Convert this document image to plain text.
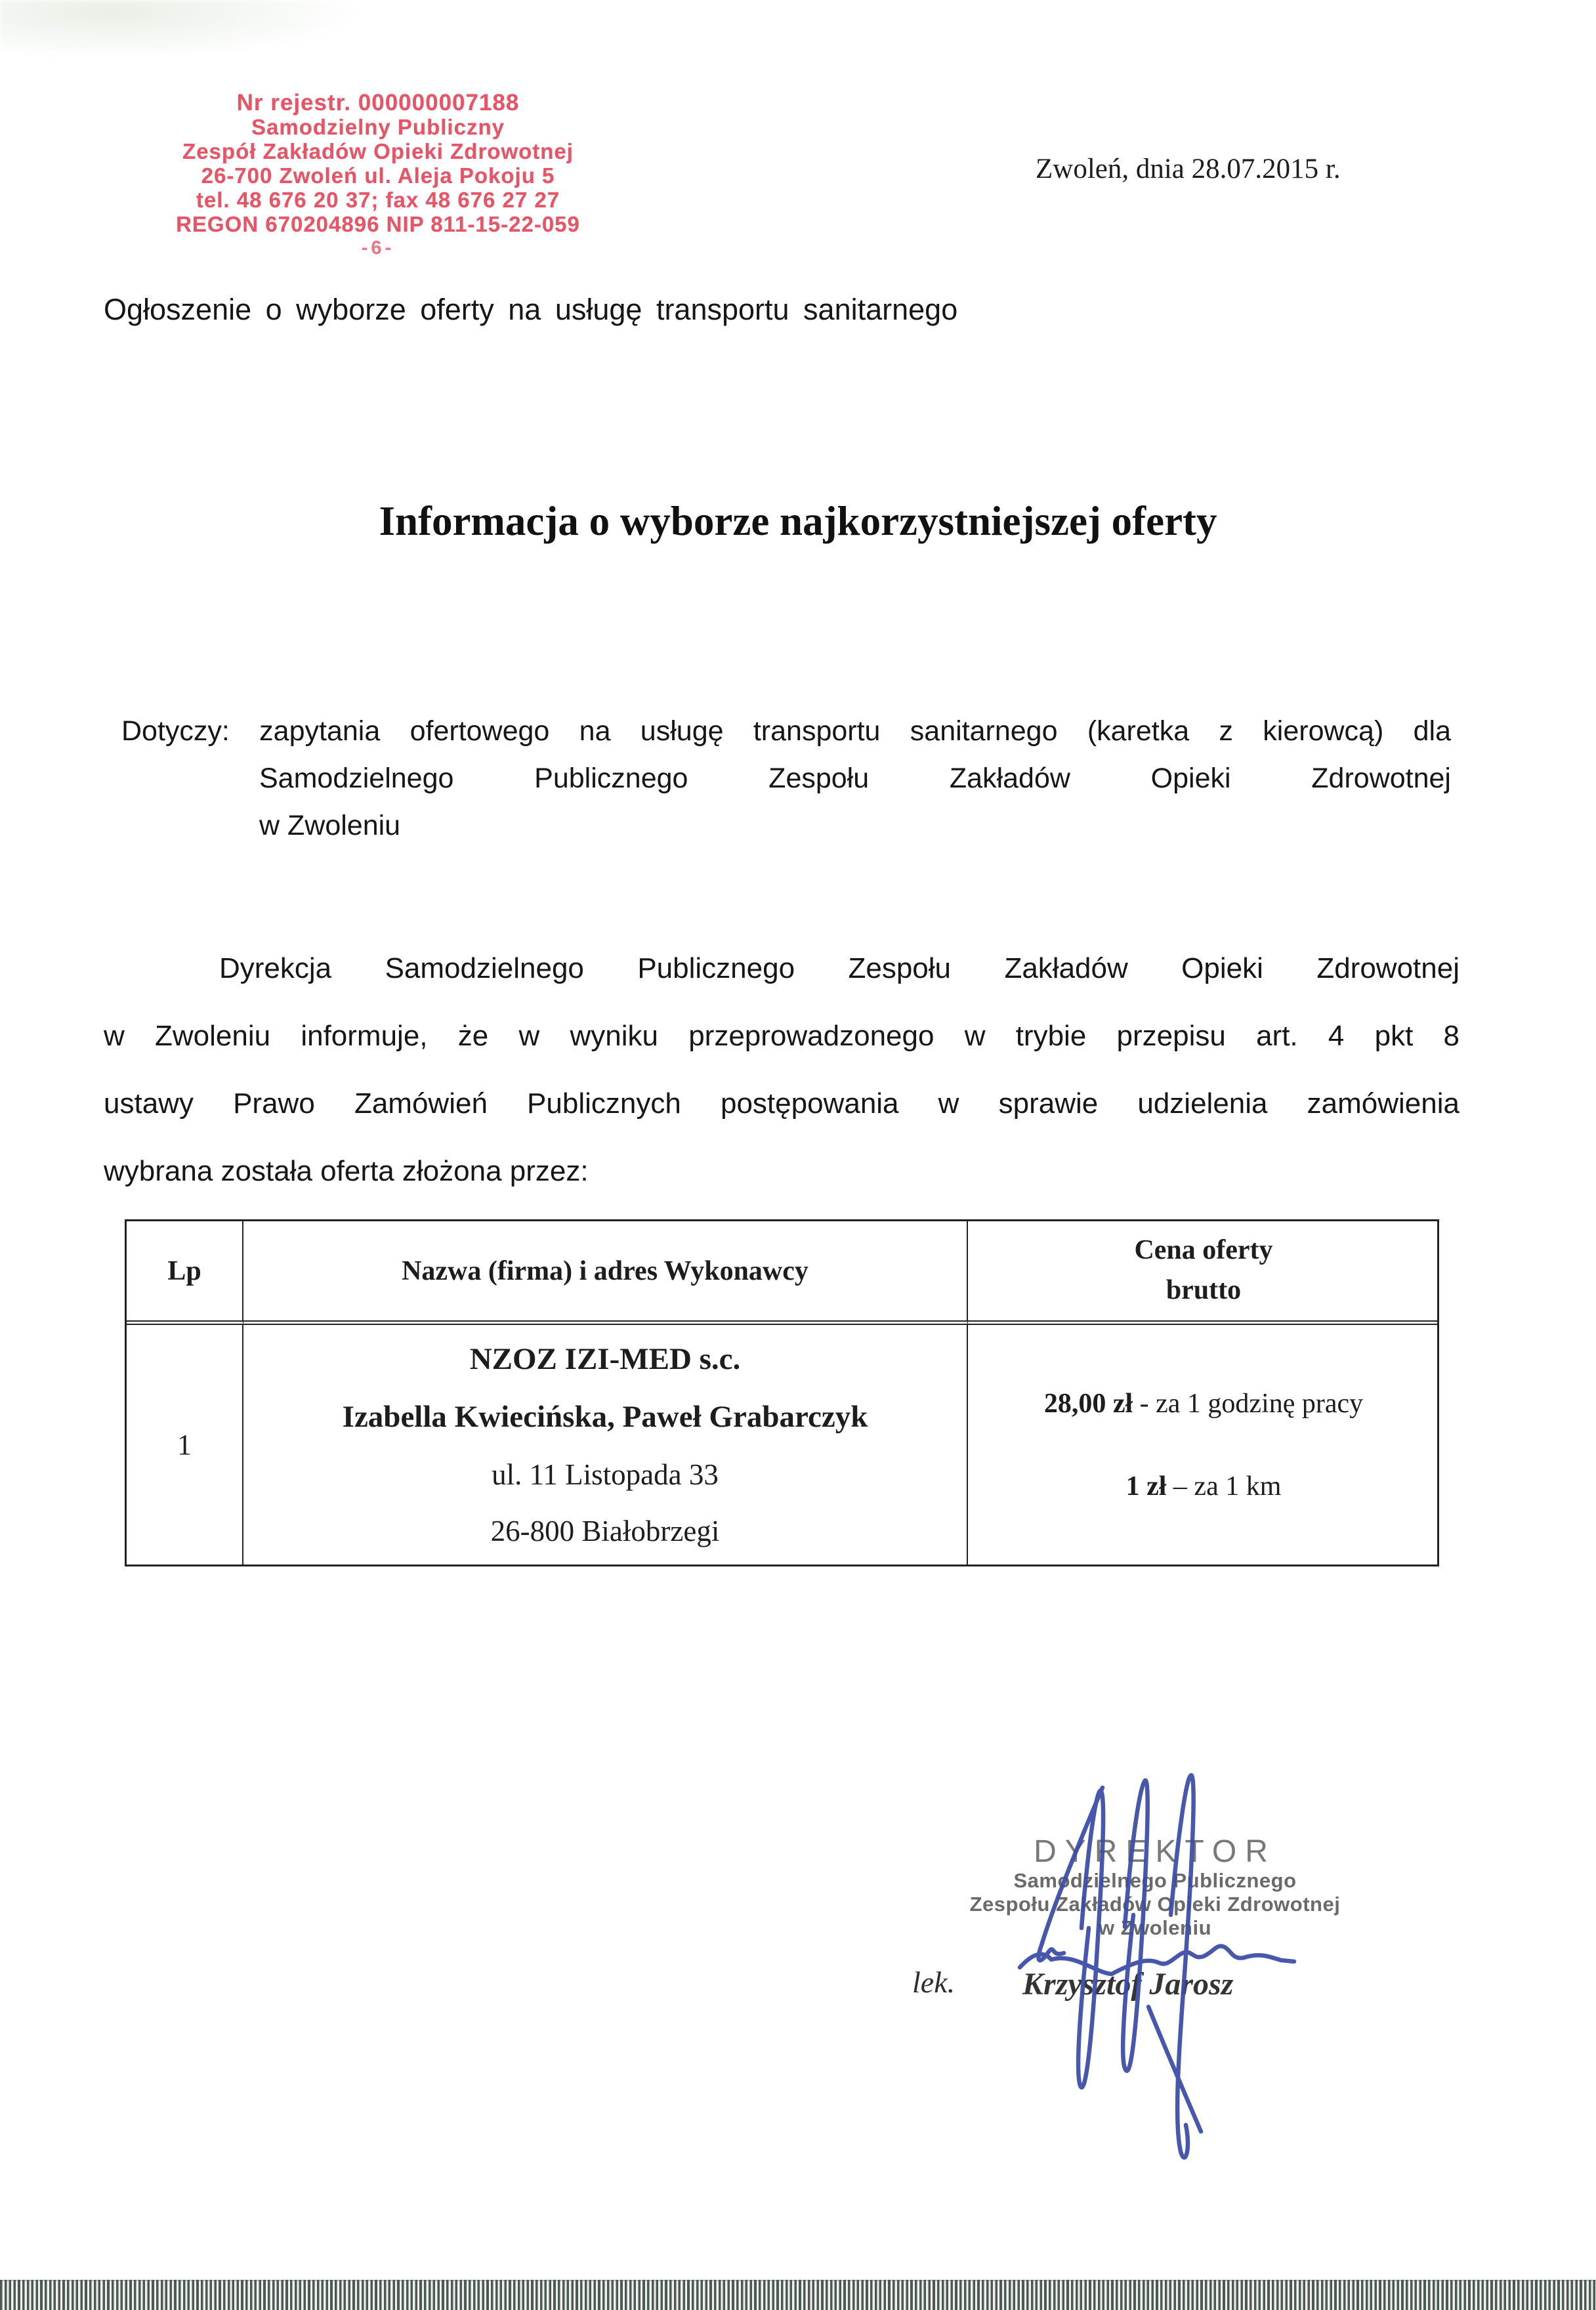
Nr rejestr. 000000007188
Samodzielny Publiczny
Zespół Zakładów Opieki Zdrowotnej
26-700 Zwoleń ul. Aleja Pokoju 5
tel. 48 676 20 37; fax 48 676 27 27
REGON 670204896 NIP 811-15-22-059
-6-
Zwoleń, dnia 28.07.2015 r.
Ogłoszenie o wyborze oferty na usługę transportu sanitarnego
Informacja o wyborze najkorzystniejszej oferty
Dotyczy: zapytania ofertowego na usługę transportu sanitarnego (karetka z kierowcą) dla
Samodzielnego Publicznego Zespołu Zakładów Opieki Zdrowotnej
w Zwoleniu
Dyrekcja Samodzielnego Publicznego Zespołu Zakładów Opieki Zdrowotnej
w Zwoleniu informuje, że w wyniku przeprowadzonego w trybie przepisu art. 4 pkt 8
ustawy Prawo Zamówień Publicznych postępowania w sprawie udzielenia zamówienia
wybrana została oferta złożona przez:
Lp	Nazwa (firma) i adres Wykonawcy
Cena oferty
brutto
1
NZOZ IZI-MED s.c.
Izabella Kwiecińska, Paweł Grabarczyk
ul. 11 Listopada 33
26-800 Białobrzegi
28,00 zł - za 1 godzinę pracy
1 zł – za 1 km
DYREKTOR
Samodzielnego Publicznego
Zespołu Zakładów Opieki Zdrowotnej
w Zwoleniu
lek. Krzysztof Jarosz
